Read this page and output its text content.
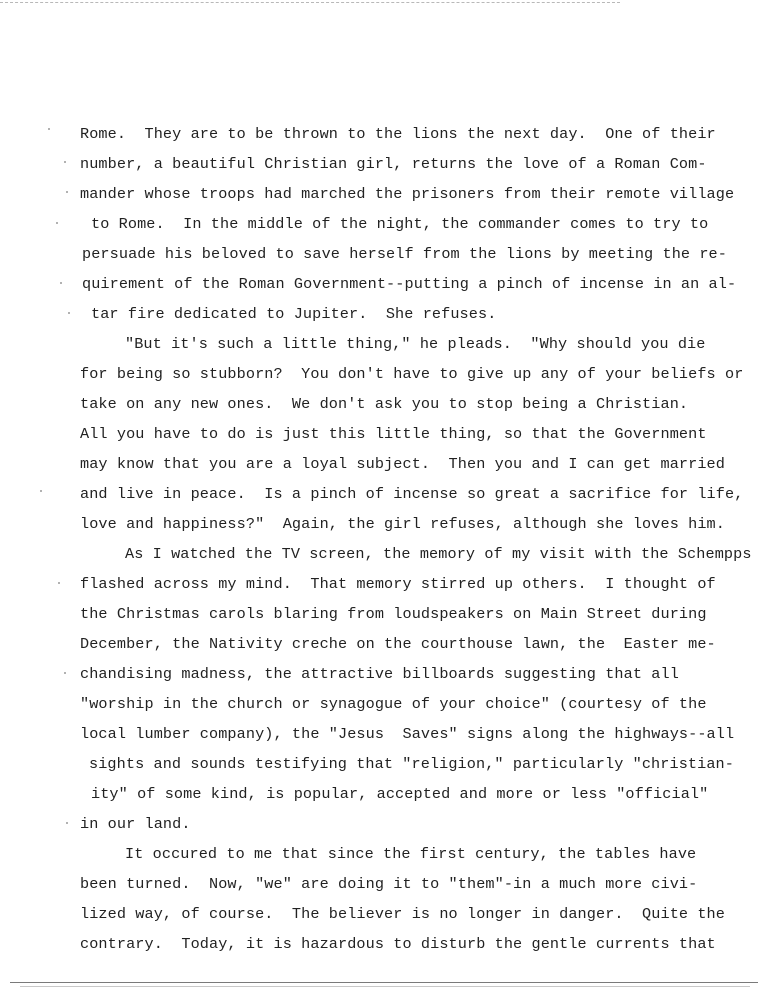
Rome.  They are to be thrown to the lions the next day.  One of their
number, a beautiful Christian girl, returns the love of a Roman Com-
mander whose troops had marched the prisoners from their remote village
to Rome.  In the middle of the night, the commander comes to try to
persuade his beloved to save herself from the lions by meeting the re-
quirement of the Roman Government--putting a pinch of incense in an al-
tar fire dedicated to Jupiter.  She refuses.
"But it's such a little thing," he pleads.  "Why should you die
for being so stubborn?  You don't have to give up any of your beliefs or
take on any new ones.  We don't ask you to stop being a Christian.
All you have to do is just this little thing, so that the Government
may know that you are a loyal subject.  Then you and I can get married
and live in peace.  Is a pinch of incense so great a sacrifice for life,
love and happiness?"  Again, the girl refuses, although she loves him.
As I watched the TV screen, the memory of my visit with the Schempps
flashed across my mind.  That memory stirred up others.  I thought of
the Christmas carols blaring from loudspeakers on Main Street during
December, the Nativity creche on the courthouse lawn, the  Easter me-
chandising madness, the attractive billboards suggesting that all
"worship in the church or synagogue of your choice" (courtesy of the
local lumber company), the "Jesus  Saves" signs along the highways--all
sights and sounds testifying that "religion," particularly "christian-
ity" of some kind, is popular, accepted and more or less "official"
in our land.
It occured to me that since the first century, the tables have
been turned.  Now, "we" are doing it to "them"-in a much more civi-
lized way, of course.  The believer is no longer in danger.  Quite the
contrary.  Today, it is hazardous to disturb the gentle currents that
